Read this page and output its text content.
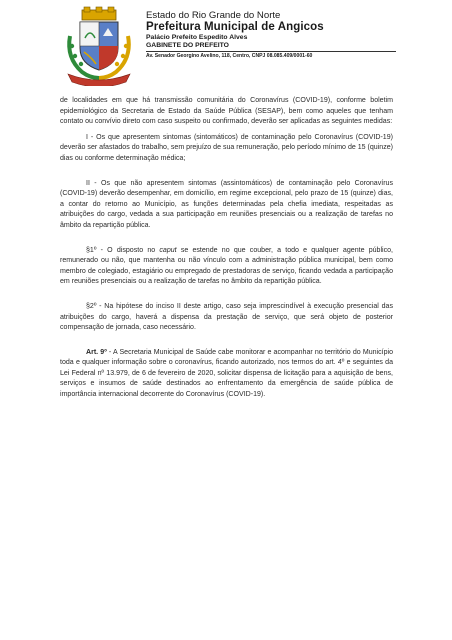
Estado do Rio Grande do Norte
Prefeitura Municipal de Angicos
Palácio Prefeito Espedito Alves
GABINETE DO PREFEITO
Av. Senador Georgino Avelino, 118, Centro, CNPJ 08.085.409/0001-60

de localidades em que há transmissão comunitária do Coronavírus (COVID-19), conforme boletim epidemiológico da Secretaria de Estado da Saúde Pública (SESAP), bem como aqueles que tenham contato ou convívio direto com caso suspeito ou confirmado, deverão ser aplicadas as seguintes medidas:

I - Os que apresentem sintomas (sintomáticos) de contaminação pelo Coronavírus (COVID-19) deverão ser afastados do trabalho, sem prejuízo de sua remuneração, pelo período mínimo de 15 (quinze) dias ou conforme determinação médica;

II - Os que não apresentem sintomas (assintomáticos) de contaminação pelo Coronavírus (COVID-19) deverão desempenhar, em domicílio, em regime excepcional, pelo prazo de 15 (quinze) dias, a contar do retorno ao Município, as funções determinadas pela chefia imediata, respeitadas as atribuições do cargo, vedada a sua participação em reuniões presenciais ou a realização de tarefas no âmbito da repartição pública.

§1º - O disposto no caput se estende no que couber, a todo e qualquer agente público, remunerado ou não, que mantenha ou não vínculo com a administração pública municipal, bem como membro de colegiado, estagiário ou empregado de prestadoras de serviço, ficando vedada a participação em reuniões presenciais ou a realização de tarefas no âmbito da repartição pública.

§2º - Na hipótese do inciso II deste artigo, caso seja imprescindível à execução presencial das atribuições do cargo, haverá a dispensa da prestação de serviço, que será objeto de posterior compensação de jornada, caso necessário.

Art. 9º - A Secretaria Municipal de Saúde cabe monitorar e acompanhar no território do Município toda e qualquer informação sobre o coronavírus, ficando autorizado, nos termos do art. 4º e seguintes da Lei Federal nº 13.979, de 6 de fevereiro de 2020, solicitar dispensa de licitação para a aquisição de bens, serviços e insumos de saúde destinados ao enfrentamento da emergência de saúde pública de importância internacional decorrente do Coronavírus (COVID-19).
